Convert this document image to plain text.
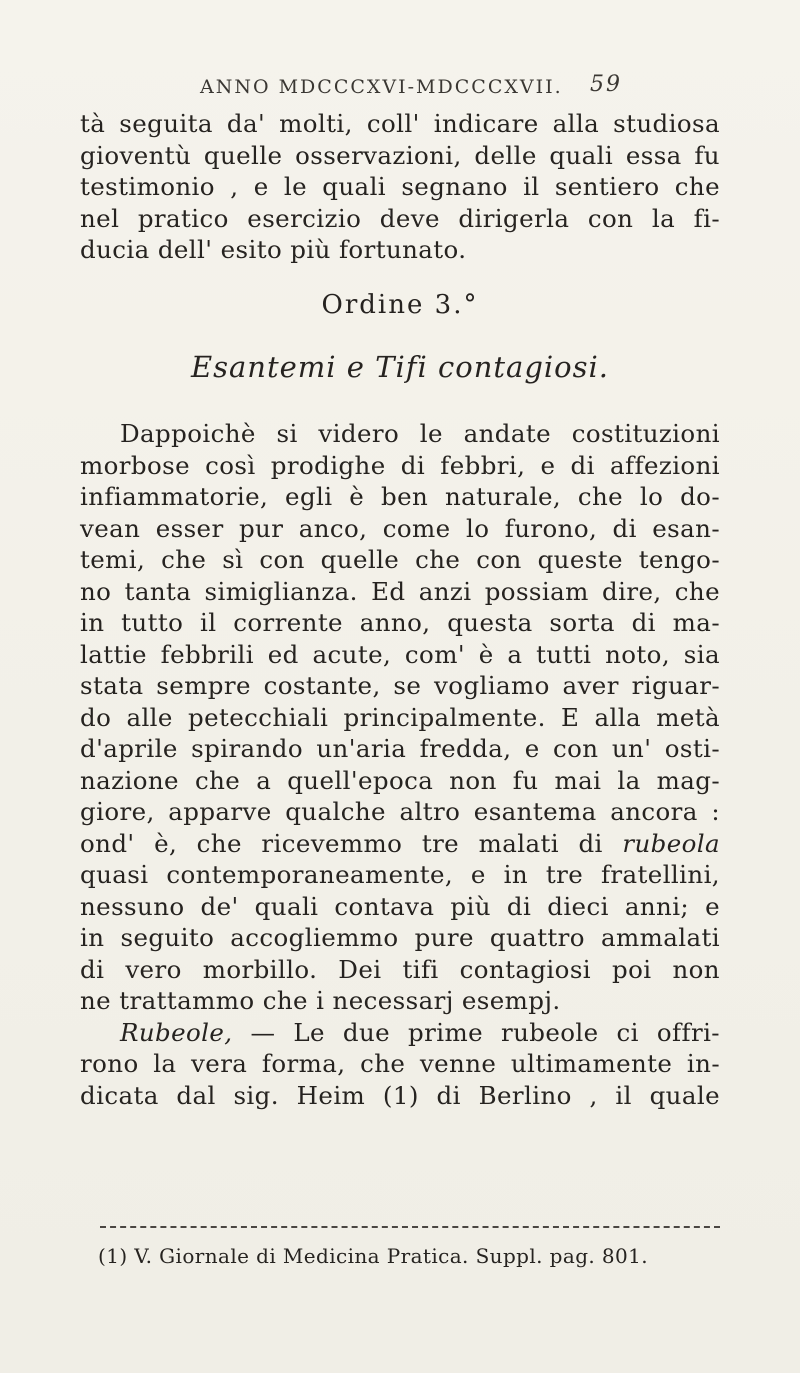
ANNO MDCCCXVI-MDCCCXVII. 59
tà seguita da' molti, coll' indicare alla studiosa
gioventù quelle osservazioni, delle quali essa fu
testimonio , e le quali segnano il sentiero che
nel pratico esercizio deve dirigerla con la fi-
ducia dell' esito più fortunato.
Ordine 3.°
Esantemi e Tifi contagiosi.
Dappoichè si videro le andate costituzioni
morbose così prodighe di febbri, e di affezioni
infiammatorie, egli è ben naturale, che lo do-
vean esser pur anco, come lo furono, di esan-
temi, che sì con quelle che con queste tengo-
no tanta simiglianza. Ed anzi possiam dire, che
in tutto il corrente anno, questa sorta di ma-
lattie febbrili ed acute, com' è a tutti noto, sia
stata sempre costante, se vogliamo aver riguar-
do alle petecchiali principalmente. E alla metà
d'aprile spirando un'aria fredda, e con un' osti-
nazione che a quell'epoca non fu mai la mag-
giore, apparve qualche altro esantema ancora :
ond' è, che ricevemmo tre malati di rubeola
quasi contemporaneamente, e in tre fratellini,
nessuno de' quali contava più di dieci anni; e
in seguito accogliemmo pure quattro ammalati
di vero morbillo. Dei tifi contagiosi poi non
ne trattammo che i necessarj esempj.
Rubeole, — Le due prime rubeole ci offri-
rono la vera forma, che venne ultimamente in-
dicata dal sig. Heim (1) di Berlino , il quale
(1) V. Giornale di Medicina Pratica. Suppl. pag. 801.
